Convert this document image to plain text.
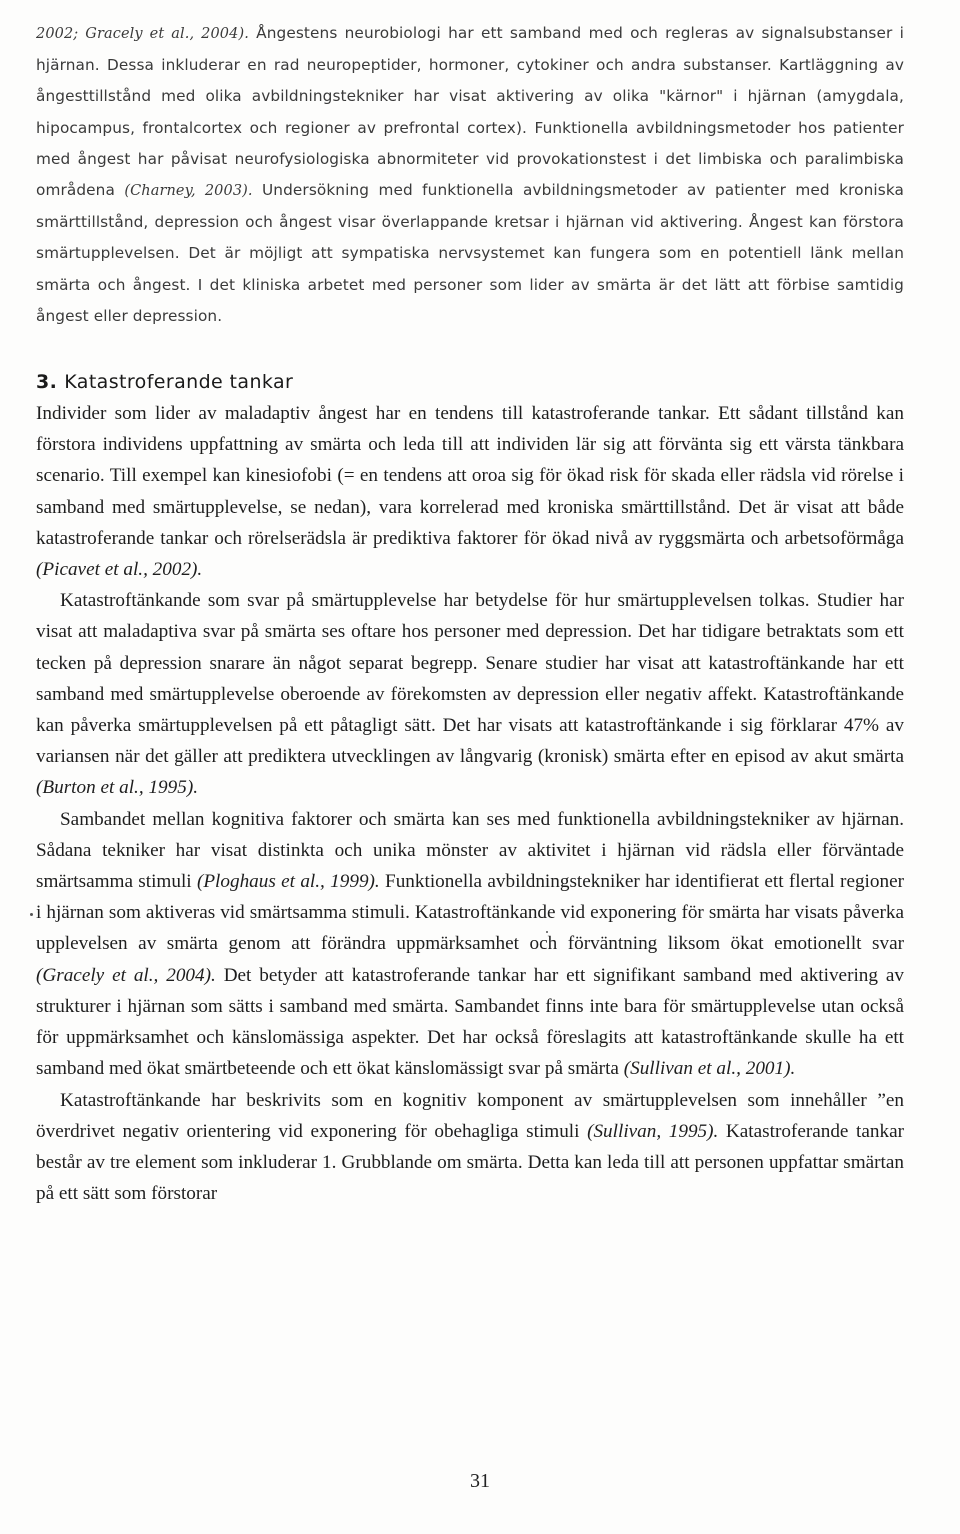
2002; Gracely et al., 2004). Ångestens neurobiologi har ett samband med och regleras av signalsubstanser i hjärnan. Dessa inkluderar en rad neuropeptider, hormoner, cytokiner och andra substanser. Kartläggning av ångesttillstånd med olika avbildningstekniker har visat aktivering av olika "kärnor" i hjärnan (amygdala, hipocampus, frontalcortex och regioner av prefrontal cortex). Funktionella avbildningsmetoder hos patienter med ångest har påvisat neurofysiologiska abnormiteter vid provokationstest i det limbiska och paralimbiska områdena (Charney, 2003). Undersökning med funktionella avbildningsmetoder av patienter med kroniska smärttillstånd, depression och ångest visar överlappande kretsar i hjärnan vid aktivering. Ångest kan förstora smärtupplevelsen. Det är möjligt att sympatiska nervsystemet kan fungera som en potentiell länk mellan smärta och ångest. I det kliniska arbetet med personer som lider av smärta är det lätt att förbise samtidig ångest eller depression.

3. Katastroferande tankar

Individer som lider av maladaptiv ångest har en tendens till katastroferande tankar. Ett sådant tillstånd kan förstora individens uppfattning av smärta och leda till att individen lär sig att förvänta sig ett värsta tänkbara scenario. Till exempel kan kinesiofobi (= en tendens att oroa sig för ökad risk för skada eller rädsla vid rörelse i samband med smärtupplevelse, se nedan), vara korrelerad med kroniska smärttillstånd. Det är visat att både katastroferande tankar och rörelserädsla är prediktiva faktorer för ökad nivå av ryggsmärta och arbetsoförmåga (Picavet et al., 2002).

Katastroftänkande som svar på smärtupplevelse har betydelse för hur smärtupplevelsen tolkas. Studier har visat att maladaptiva svar på smärta ses oftare hos personer med depression. Det har tidigare betraktats som ett tecken på depression snarare än något separat begrepp. Senare studier har visat att katastroftänkande har ett samband med smärtupplevelse oberoende av förekomsten av depression eller negativ affekt. Katastroftänkande kan påverka smärtupplevelsen på ett påtagligt sätt. Det har visats att katastroftänkande i sig förklarar 47% av variansen när det gäller att prediktera utvecklingen av långvarig (kronisk) smärta efter en episod av akut smärta (Burton et al., 1995).

Sambandet mellan kognitiva faktorer och smärta kan ses med funktionella avbildningstekniker av hjärnan. Sådana tekniker har visat distinkta och unika mönster av aktivitet i hjärnan vid rädsla eller förväntade smärtsamma stimuli (Ploghaus et al., 1999). Funktionella avbildningstekniker har identifierat ett flertal regioner i hjärnan som aktiveras vid smärtsamma stimuli. Katastroftänkande vid exponering för smärta har visats påverka upplevelsen av smärta genom att förändra uppmärksamhet och förväntning liksom ökat emotionellt svar (Gracely et al., 2004). Det betyder att katastroferande tankar har ett signifikant samband med aktivering av strukturer i hjärnan som sätts i samband med smärta. Sambandet finns inte bara för smärtupplevelse utan också för uppmärksamhet och känslomässiga aspekter. Det har också föreslagits att katastroftänkande skulle ha ett samband med ökat smärtbeteende och ett ökat känslomässigt svar på smärta (Sullivan et al., 2001).

Katastroftänkande har beskrivits som en kognitiv komponent av smärtupplevelsen som innehåller ”en överdrivet negativ orientering vid exponering för obehagliga stimuli (Sullivan, 1995). Katastroferande tankar består av tre element som inkluderar 1. Grubblande om smärta. Detta kan leda till att personen uppfattar smärtan på ett sätt som förstorar

31
